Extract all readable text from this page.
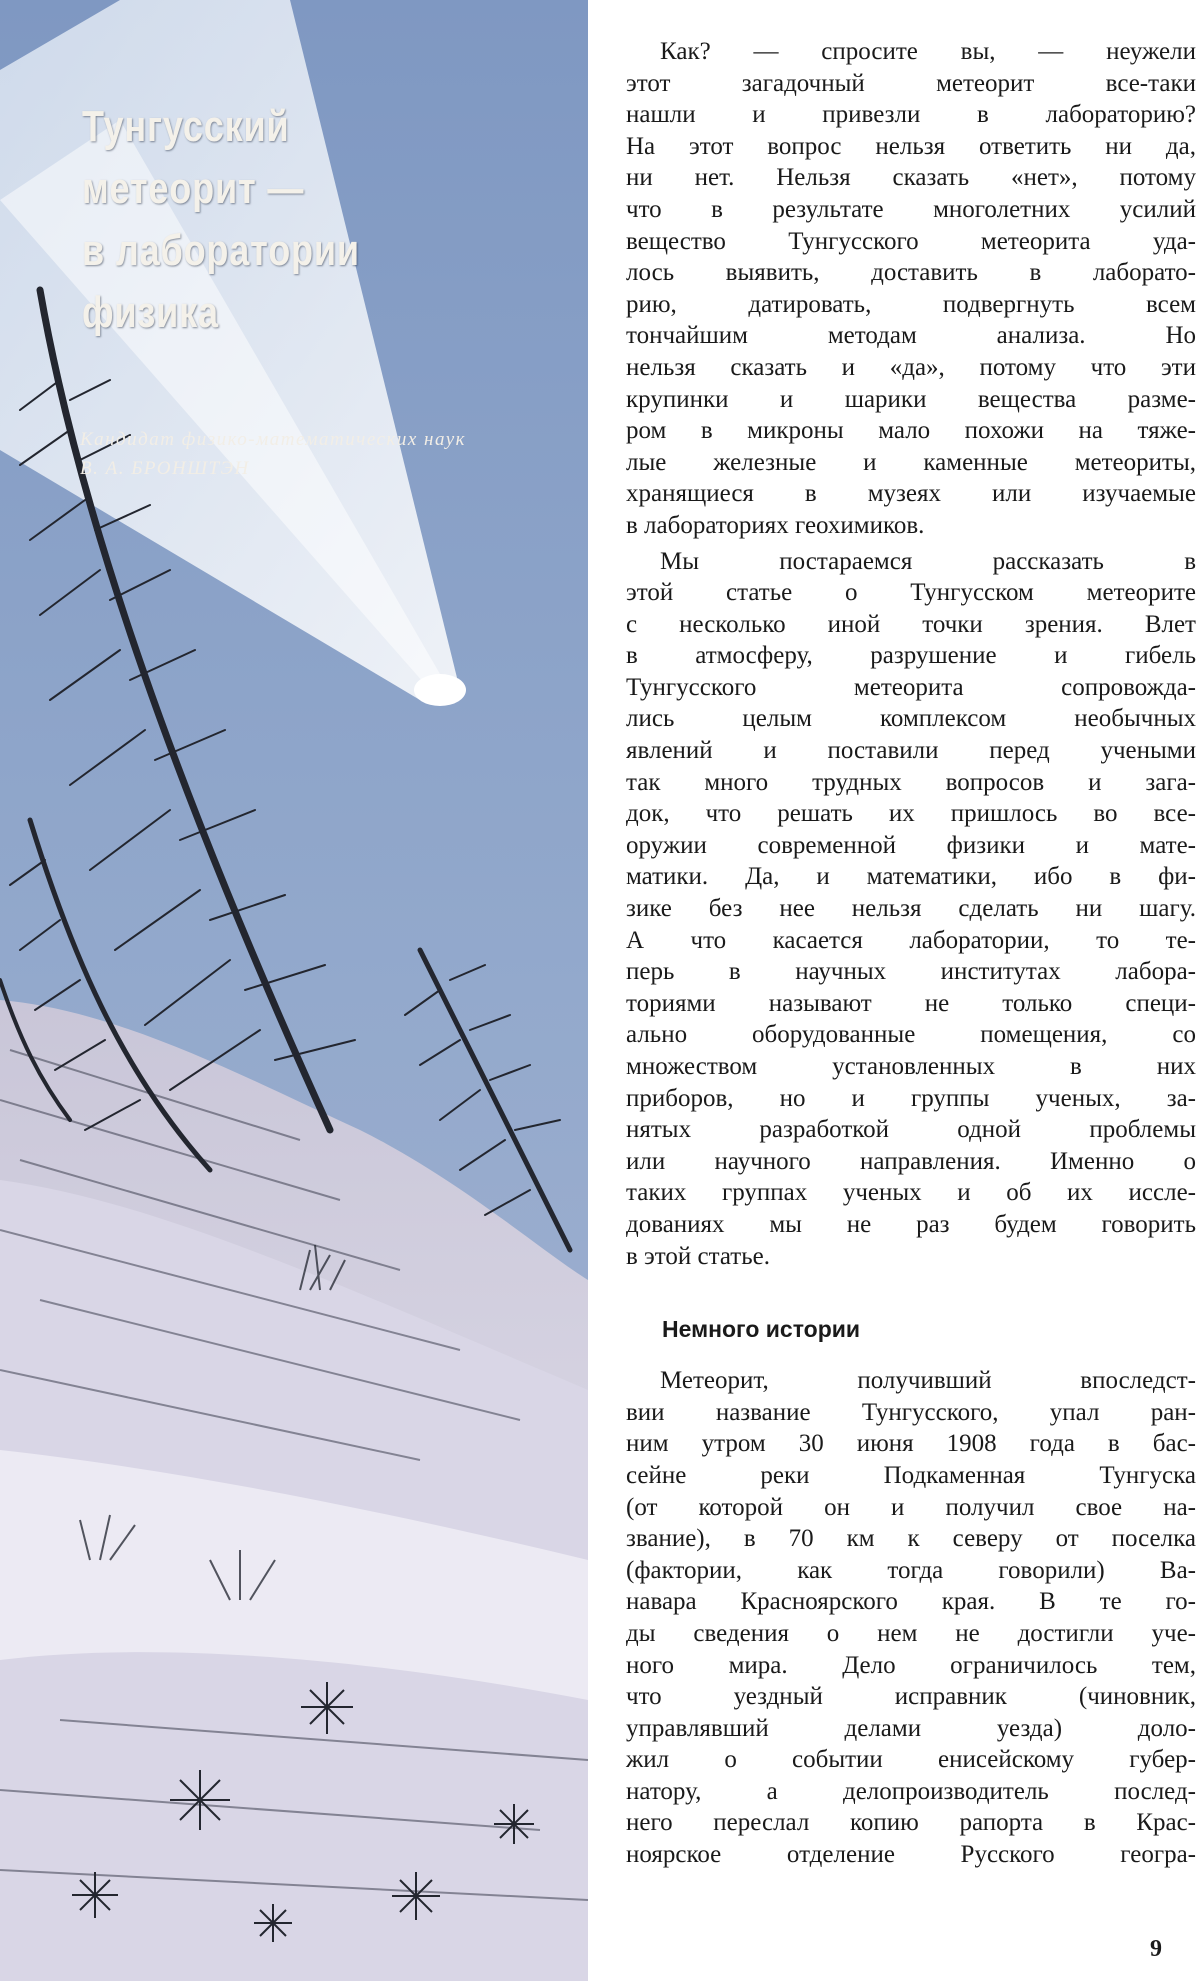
Тунгусский
метеорит —
в лаборатории
физика
Кандидат физико-математических наук
В. А. БРОНШТЭН
Как? — спросите вы, — неужели
этот загадочный метеорит все-таки
нашли и привезли в лабораторию?
На этот вопрос нельзя ответить ни да,
ни нет. Нельзя сказать «нет», потому
что в результате многолетних усилий
вещество Тунгусского метеорита уда-
лось выявить, доставить в лаборато-
рию, датировать, подвергнуть всем
тончайшим методам анализа. Но
нельзя сказать и «да», потому что эти
крупинки и шарики вещества разме-
ром в микроны мало похожи на тяже-
лые железные и каменные метеориты,
хранящиеся в музеях или изучаемые
в лабораториях геохимиков.
Мы постараемся рассказать в
этой статье о Тунгусском метеорите
с несколько иной точки зрения. Влет
в атмосферу, разрушение и гибель
Тунгусского метеорита сопровожда-
лись целым комплексом необычных
явлений и поставили перед учеными
так много трудных вопросов и зага-
док, что решать их пришлось во все-
оружии современной физики и мате-
матики. Да, и математики, ибо в фи-
зике без нее нельзя сделать ни шагу.
А что касается лаборатории, то те-
перь в научных институтах лабора-
ториями называют не только специ-
ально оборудованные помещения, со
множеством установленных в них
приборов, но и группы ученых, за-
нятых разработкой одной проблемы
или научного направления. Именно о
таких группах ученых и об их иссле-
дованиях мы не раз будем говорить
в этой статье.
Немного истории
Метеорит, получивший впоследст-
вии название Тунгусского, упал ран-
ним утром 30 июня 1908 года в бас-
сейне реки Подкаменная Тунгуска
(от которой он и получил свое на-
звание), в 70 км к северу от поселка
(фактории, как тогда говорили) Ва-
навара Красноярского края. В те го-
ды сведения о нем не достигли уче-
ного мира. Дело ограничилось тем,
что уездный исправник (чиновник,
управлявший делами уезда) доло-
жил о событии енисейскому губер-
натору, а делопроизводитель послед-
него переслал копию рапорта в Крас-
ноярское отделение Русского геогра-
9
